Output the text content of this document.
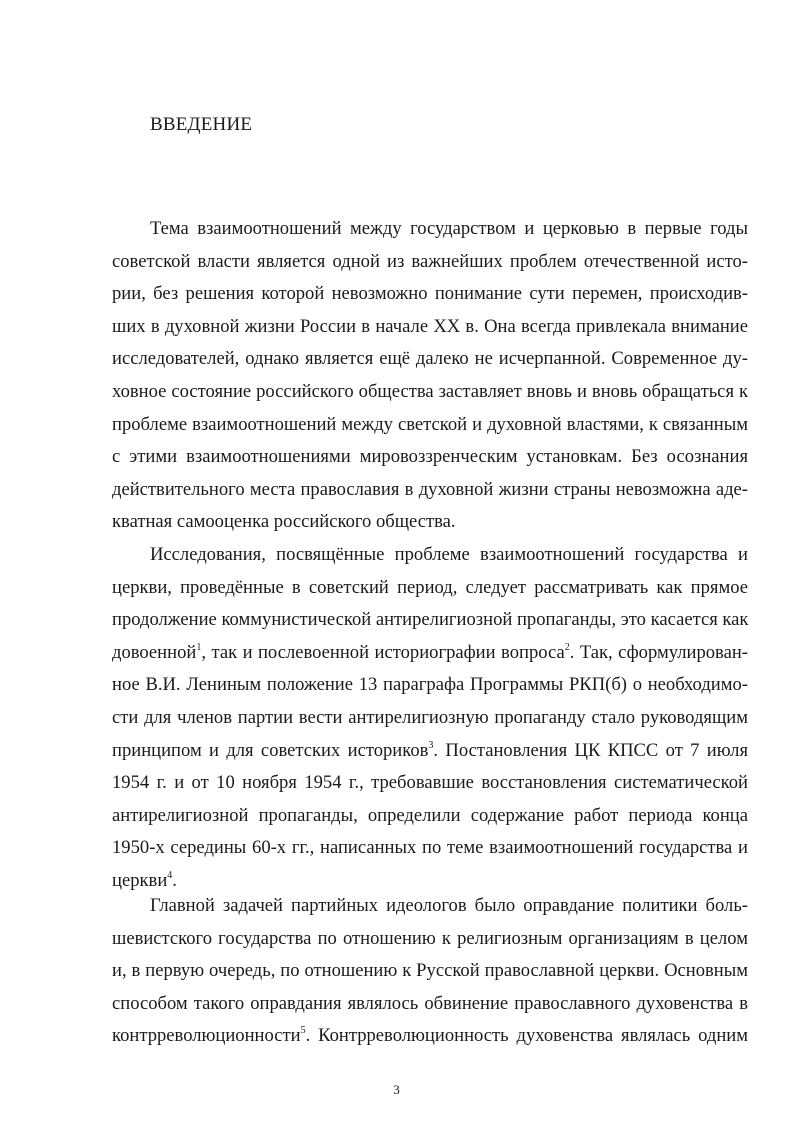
ВВЕДЕНИЕ
Тема взаимоотношений между государством и церковью в первые годы
советской власти является одной из важнейших проблем отечественной исто-
рии, без решения которой невозможно понимание сути перемен, происходив-
ших в духовной жизни России в начале XX в. Она всегда привлекала внимание
исследователей, однако является ещё далеко не исчерпанной. Современное ду-
ховное состояние российского общества заставляет вновь и вновь обращаться к
проблеме взаимоотношений между светской и духовной властями, к связанным
с этими взаимоотношениями мировоззренческим установкам. Без осознания
действительного места православия в духовной жизни страны невозможна аде-
кватная самооценка российского общества.
Исследования, посвящённые проблеме взаимоотношений государства и
церкви, проведённые в советский период, следует рассматривать как прямое
продолжение коммунистической антирелигиозной пропаганды, это касается как
довоенной$^1$, так и послевоенной историографии вопроса$^2$. Так, сформулирован-
ное В.И. Лениным положение 13 параграфа Программы РКП(б) о необходимо-
сти для членов партии вести антирелигиозную пропаганду стало руководящим
принципом и для советских историков$^3$. Постановления ЦК КПСС от 7 июля
1954 г. и от 10 ноября 1954 г., требовавшие восстановления систематической
антирелигиозной пропаганды, определили содержание работ периода конца
1950-х середины 60-х гг., написанных по теме взаимоотношений государства и
церкви$^4$.
Главной задачей партийных идеологов было оправдание политики боль-
шевистского государства по отношению к религиозным организациям в целом
и, в первую очередь, по отношению к Русской православной церкви. Основным
способом такого оправдания являлось обвинение православного духовенства в
контрреволюционности$^5$. Контрреволюционность духовенства являлась одним
3
